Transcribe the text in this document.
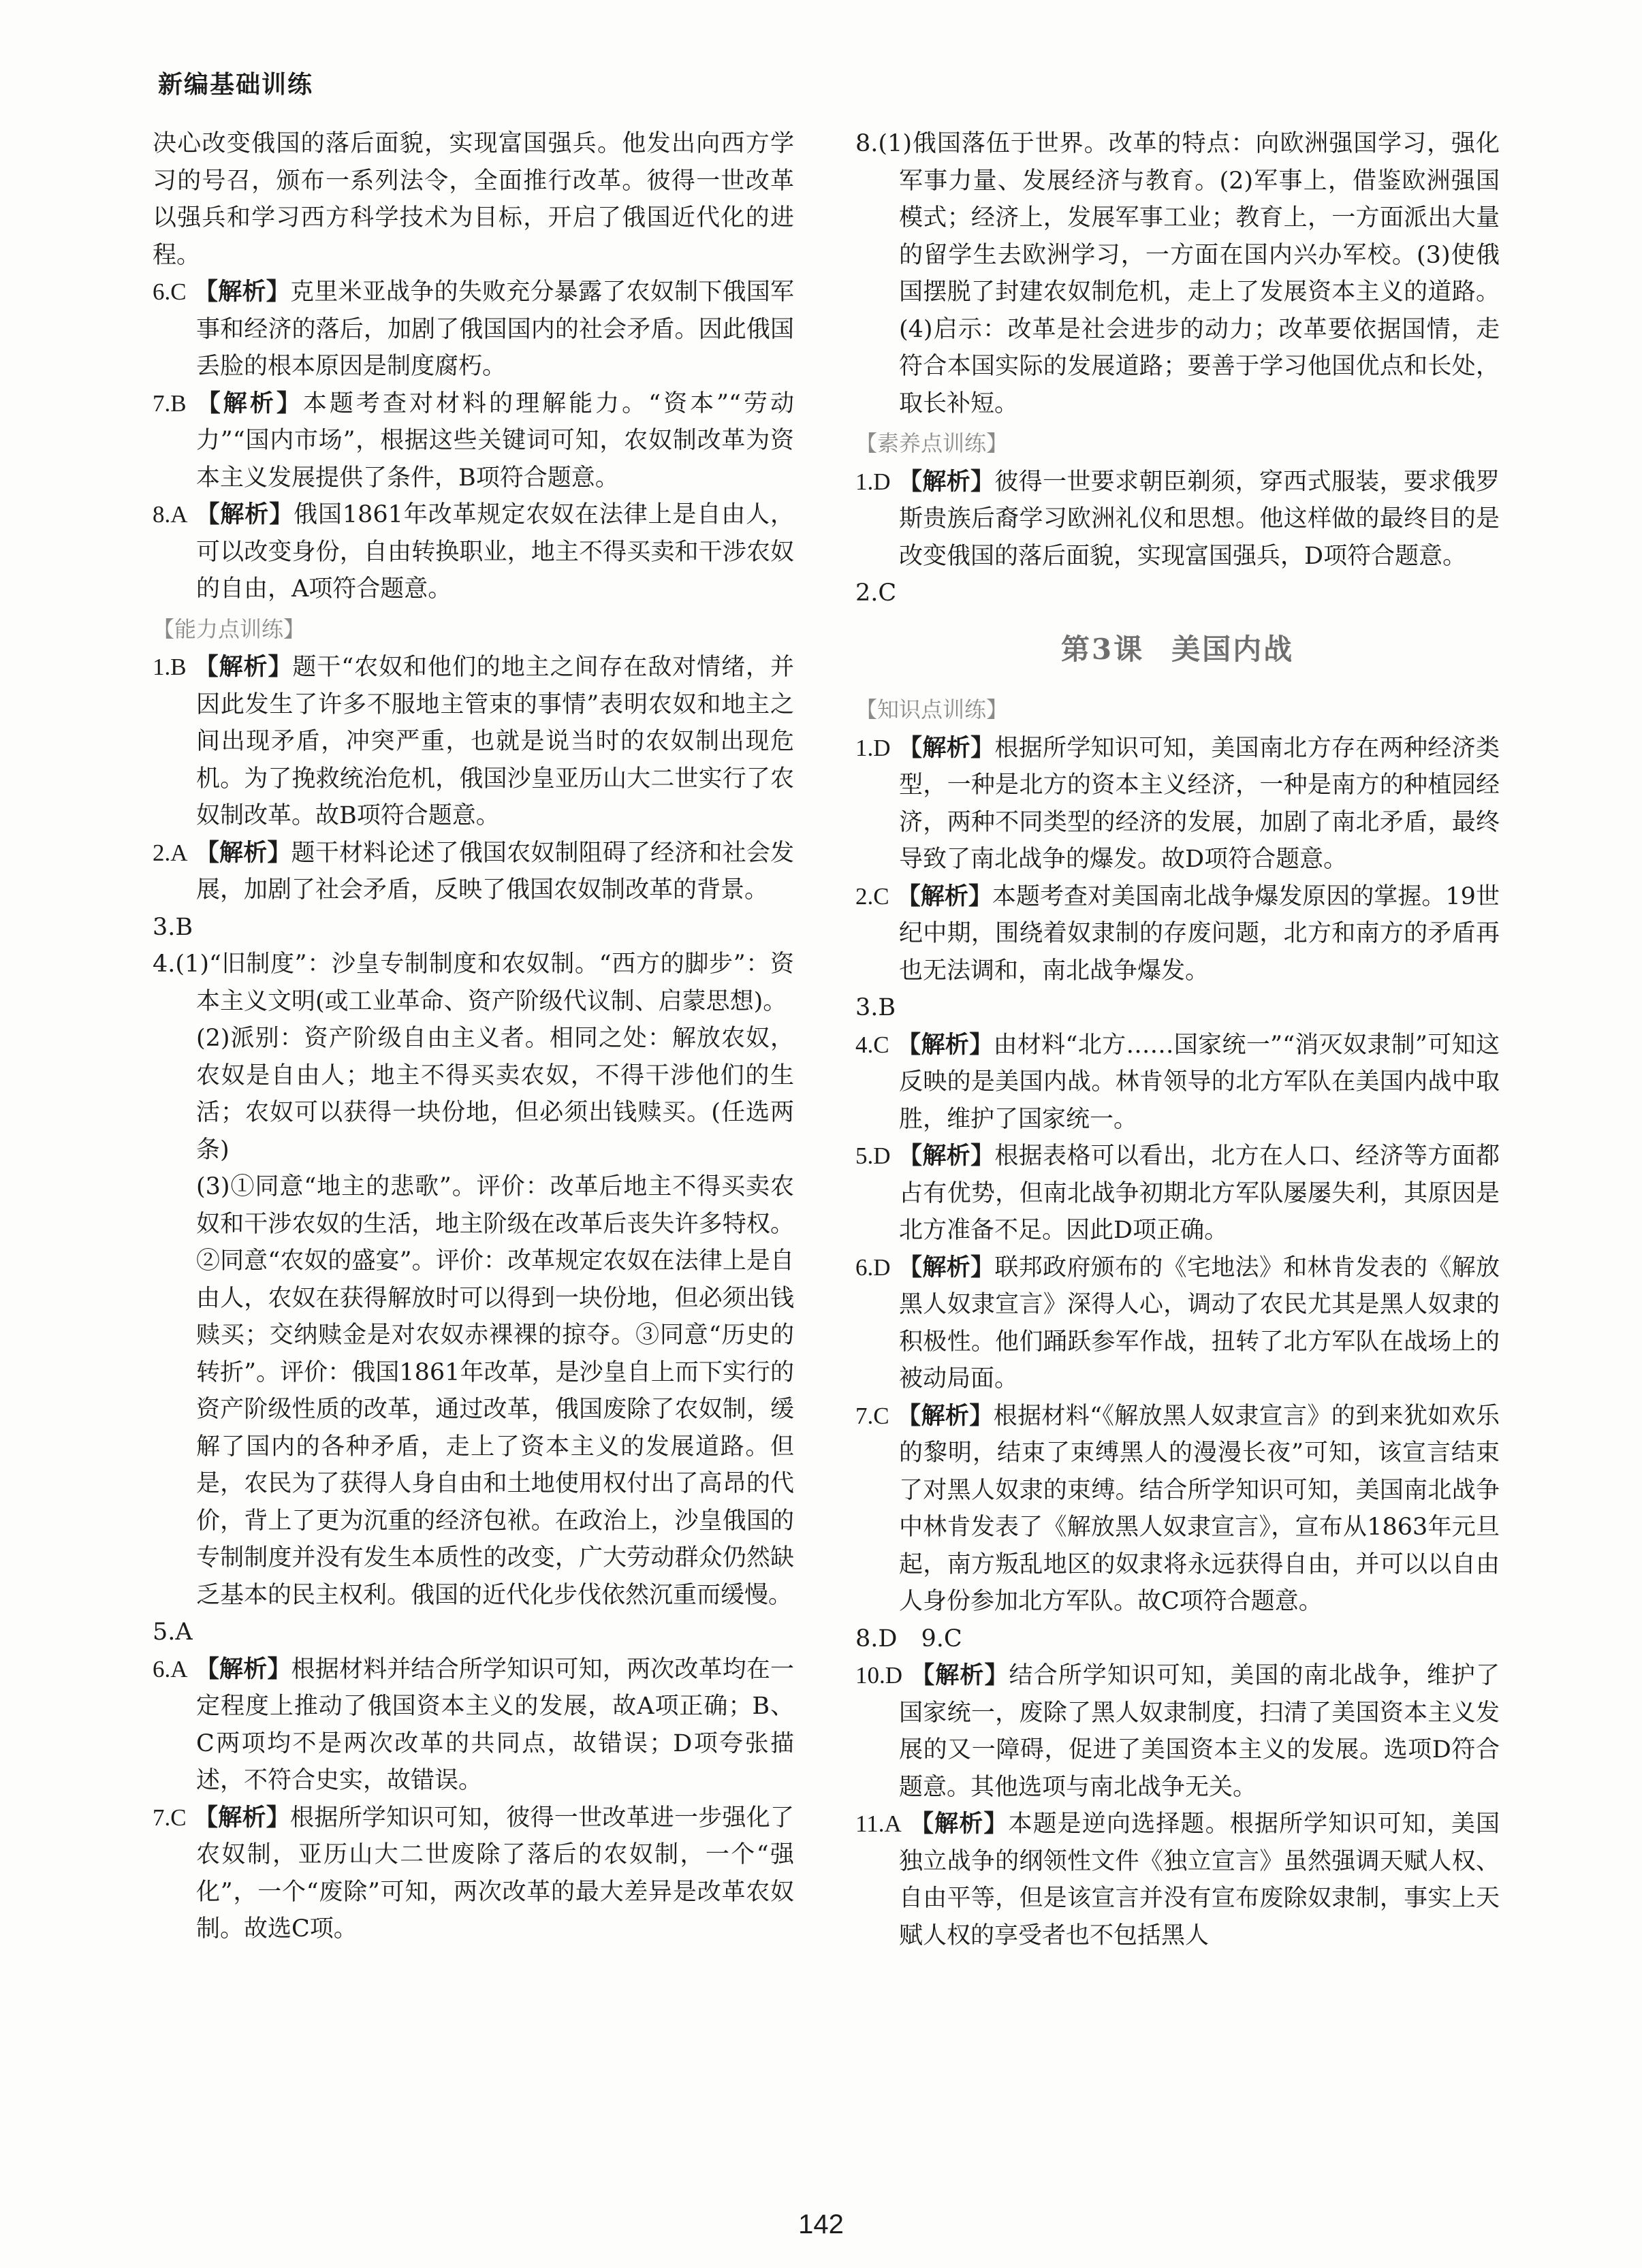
新编基础训练

决心改变俄国的落后面貌，实现富国强兵。他发出向西方学习的号召，颁布一系列法令，全面推行改革。彼得一世改革以强兵和学习西方科学技术为目标，开启了俄国近代化的进程。

6.C 【解析】克里米亚战争的失败充分暴露了农奴制下俄国军事和经济的落后，加剧了俄国国内的社会矛盾。因此俄国丢脸的根本原因是制度腐朽。

7.B 【解析】本题考查对材料的理解能力。“资本”“劳动力”“国内市场”，根据这些关键词可知，农奴制改革为资本主义发展提供了条件，B项符合题意。

8.A 【解析】俄国1861年改革规定农奴在法律上是自由人，可以改变身份，自由转换职业，地主不得买卖和干涉农奴的自由，A项符合题意。

【能力点训练】

1.B 【解析】题干“农奴和他们的地主之间存在敌对情绪，并因此发生了许多不服地主管束的事情”表明农奴和地主之间出现矛盾，冲突严重，也就是说当时的农奴制出现危机。为了挽救统治危机，俄国沙皇亚历山大二世实行了农奴制改革。故B项符合题意。

2.A 【解析】题干材料论述了俄国农奴制阻碍了经济和社会发展，加剧了社会矛盾，反映了俄国农奴制改革的背景。

3.B

4.(1)“旧制度”：沙皇专制制度和农奴制。“西方的脚步”：资本主义文明(或工业革命、资产阶级代议制、启蒙思想)。

(2)派别：资产阶级自由主义者。相同之处：解放农奴，农奴是自由人；地主不得买卖农奴，不得干涉他们的生活；农奴可以获得一块份地，但必须出钱赎买。(任选两条)

(3)①同意“地主的悲歌”。评价：改革后地主不得买卖农奴和干涉农奴的生活，地主阶级在改革后丧失许多特权。②同意“农奴的盛宴”。评价：改革规定农奴在法律上是自由人，农奴在获得解放时可以得到一块份地，但必须出钱赎买；交纳赎金是对农奴赤裸裸的掠夺。③同意“历史的转折”。评价：俄国1861年改革，是沙皇自上而下实行的资产阶级性质的改革，通过改革，俄国废除了农奴制，缓解了国内的各种矛盾，走上了资本主义的发展道路。但是，农民为了获得人身自由和土地使用权付出了高昂的代价，背上了更为沉重的经济包袱。在政治上，沙皇俄国的专制制度并没有发生本质性的改变，广大劳动群众仍然缺乏基本的民主权利。俄国的近代化步伐依然沉重而缓慢。

5.A

6.A 【解析】根据材料并结合所学知识可知，两次改革均在一定程度上推动了俄国资本主义的发展，故A项正确；B、C两项均不是两次改革的共同点，故错误；D项夸张描述，不符合史实，故错误。

7.C 【解析】根据所学知识可知，彼得一世改革进一步强化了农奴制，亚历山大二世废除了落后的农奴制，一个“强化”，一个“废除”可知，两次改革的最大差异是改革农奴制。故选C项。

8.(1)俄国落伍于世界。改革的特点：向欧洲强国学习，强化军事力量、发展经济与教育。(2)军事上，借鉴欧洲强国模式；经济上，发展军事工业；教育上，一方面派出大量的留学生去欧洲学习，一方面在国内兴办军校。(3)使俄国摆脱了封建农奴制危机，走上了发展资本主义的道路。(4)启示：改革是社会进步的动力；改革要依据国情，走符合本国实际的发展道路；要善于学习他国优点和长处，取长补短。

【素养点训练】

1.D 【解析】彼得一世要求朝臣剃须，穿西式服装，要求俄罗斯贵族后裔学习欧洲礼仪和思想。他这样做的最终目的是改变俄国的落后面貌，实现富国强兵，D项符合题意。

2.C

第3课 美国内战
【知识点训练】

1.D 【解析】根据所学知识可知，美国南北方存在两种经济类型，一种是北方的资本主义经济，一种是南方的种植园经济，两种不同类型的经济的发展，加剧了南北矛盾，最终导致了南北战争的爆发。故D项符合题意。

2.C 【解析】本题考查对美国南北战争爆发原因的掌握。19世纪中期，围绕着奴隶制的存废问题，北方和南方的矛盾再也无法调和，南北战争爆发。

3.B

4.C 【解析】由材料“北方……国家统一”“消灭奴隶制”可知这反映的是美国内战。林肯领导的北方军队在美国内战中取胜，维护了国家统一。

5.D 【解析】根据表格可以看出，北方在人口、经济等方面都占有优势，但南北战争初期北方军队屡屡失利，其原因是北方准备不足。因此D项正确。

6.D 【解析】联邦政府颁布的《宅地法》和林肯发表的《解放黑人奴隶宣言》深得人心，调动了农民尤其是黑人奴隶的积极性。他们踊跃参军作战，扭转了北方军队在战场上的被动局面。

7.C 【解析】根据材料“《解放黑人奴隶宣言》的到来犹如欢乐的黎明，结束了束缚黑人的漫漫长夜”可知，该宣言结束了对黑人奴隶的束缚。结合所学知识可知，美国南北战争中林肯发表了《解放黑人奴隶宣言》，宣布从1863年元旦起，南方叛乱地区的奴隶将永远获得自由，并可以以自由人身份参加北方军队。故C项符合题意。

8.D　9.C

10.D 【解析】结合所学知识可知，美国的南北战争，维护了国家统一，废除了黑人奴隶制度，扫清了美国资本主义发展的又一障碍，促进了美国资本主义的发展。选项D符合题意。其他选项与南北战争无关。

11.A 【解析】本题是逆向选择题。根据所学知识可知，美国独立战争的纲领性文件《独立宣言》虽然强调天赋人权、自由平等，但是该宣言并没有宣布废除奴隶制，事实上天赋人权的享受者也不包括黑人

142
